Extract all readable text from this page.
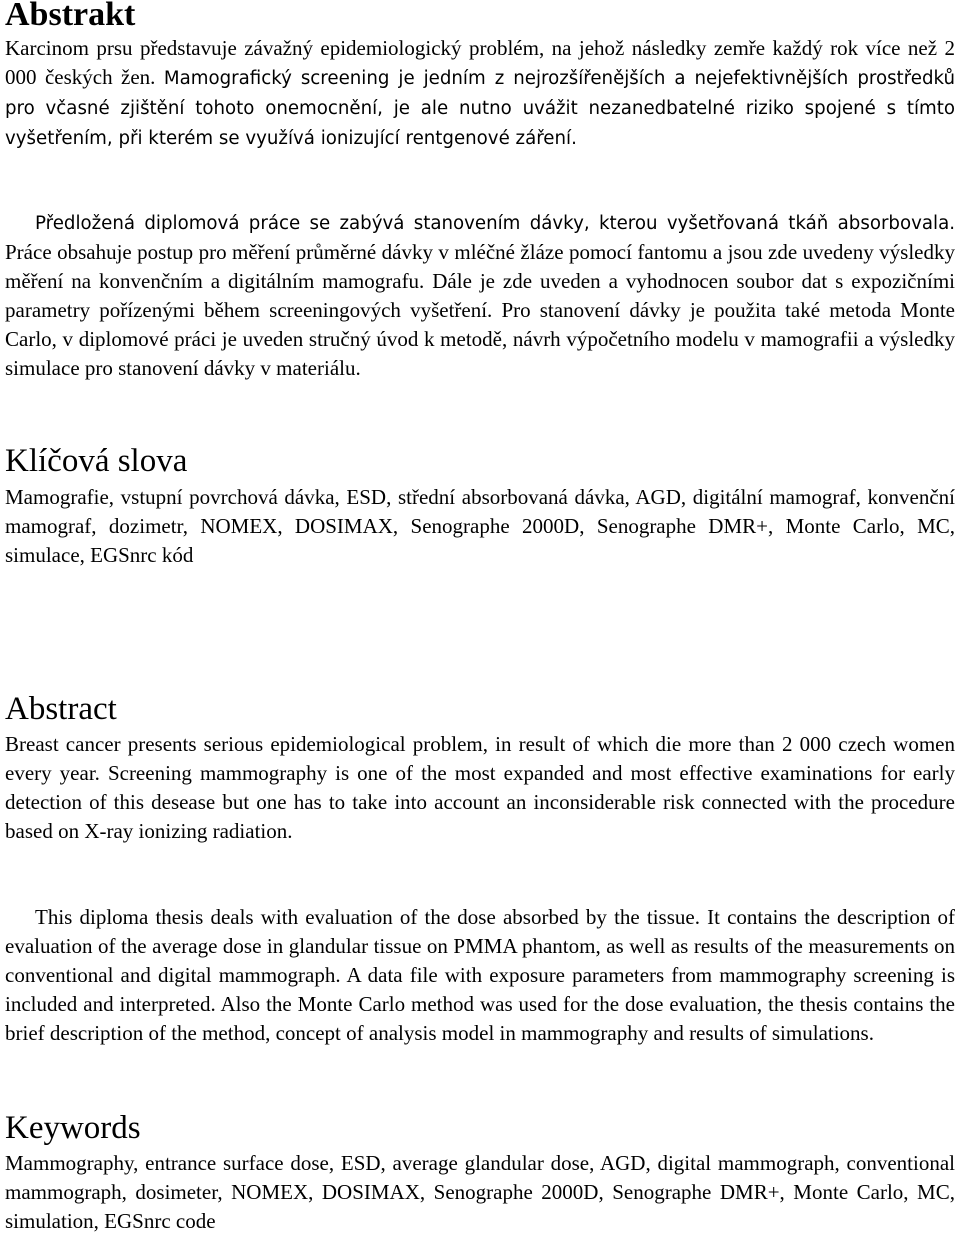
Abstrakt

Karcinom prsu představuje závažný epidemiologický problém, na jehož následky zemře každý rok více než 2 000 českých žen. Mamografický screening je jedním z nejrozšířenějších a nejefektivnějších prostředků pro včasné zjištění tohoto onemocnění, je ale nutno uvážit nezanedbatelné riziko spojené s tímto vyšetřením, při kterém se využívá ionizující rentgenové záření.

Předložená diplomová práce se zabývá stanovením dávky, kterou vyšetřovaná tkáň absorbovala. Práce obsahuje postup pro měření průměrné dávky v mléčné žláze pomocí fantomu a jsou zde uvedeny výsledky měření na konvenčním a digitálním mamografu. Dále je zde uveden a vyhodnocen soubor dat s expozičními parametry pořízenými během screeningových vyšetření. Pro stanovení dávky je použita také metoda Monte Carlo, v diplomové práci je uveden stručný úvod k metodě, návrh výpočetního modelu v mamografii a výsledky simulace pro stanovení dávky v materiálu.

Klíčová slova

Mamografie, vstupní povrchová dávka, ESD, střední absorbovaná dávka, AGD, digitální mamograf, konvenční mamograf, dozimetr, NOMEX, DOSIMAX, Senographe 2000D, Senographe DMR+, Monte Carlo, MC, simulace, EGSnrc kód

Abstract

Breast cancer presents serious epidemiological problem, in result of which die more than 2 000 czech women every year. Screening mammography is one of the most expanded and most effective examinations for early detection of this desease but one has to take into account an inconsiderable risk connected with the procedure based on X-ray ionizing radiation.

This diploma thesis deals with evaluation of the dose absorbed by the tissue. It contains the description of evaluation of the average dose in glandular tissue on PMMA phantom, as well as results of the measurements on conventional and digital mammograph. A data file with exposure parameters from mammography screening is included and interpreted. Also the Monte Carlo method was used for the dose evaluation, the thesis contains the brief description of the method, concept of analysis model in mammography and results of simulations.

Keywords

Mammography, entrance surface dose, ESD, average glandular dose, AGD, digital mammograph, conventional mammograph, dosimeter, NOMEX, DOSIMAX, Senographe 2000D, Senographe DMR+, Monte Carlo, MC, simulation, EGSnrc code
